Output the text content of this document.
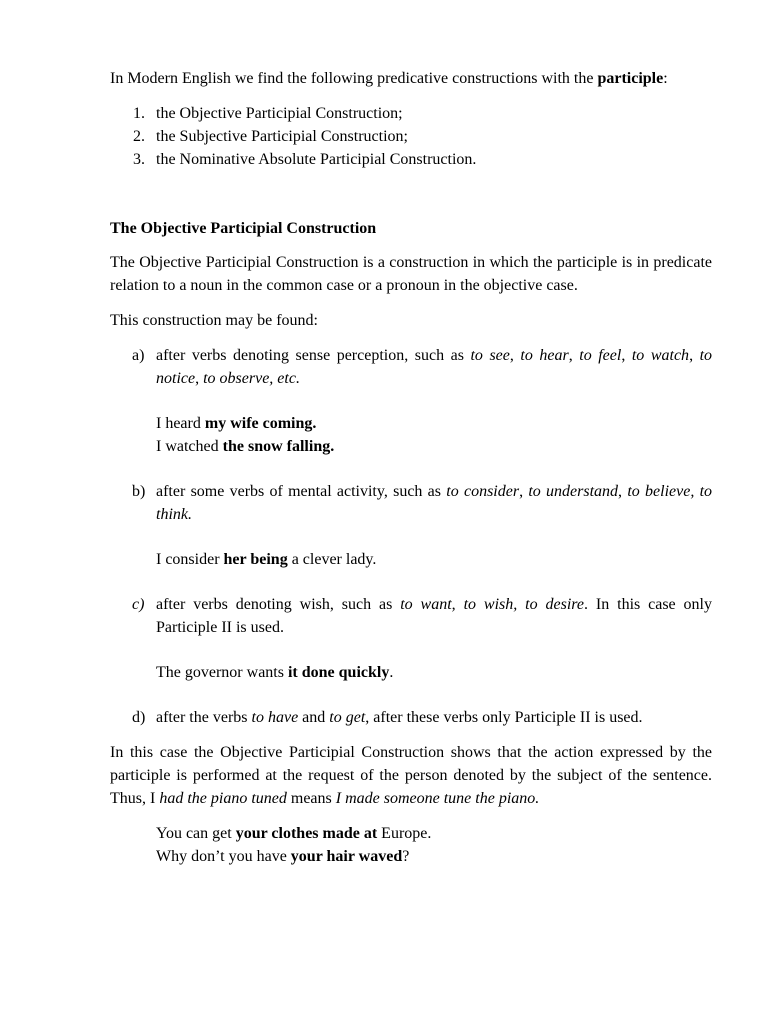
In Modern English we find the following predicative constructions with the participle:

1. the Objective Participial Construction;
2. the Subjective Participial Construction;
3. the Nominative Absolute Participial Construction.

The Objective Participial Construction

The Objective Participial Construction is a construction in which the participle is in predicate relation to a noun in the common case or a pronoun in the objective case.

This construction may be found:

a) after verbs denoting sense perception, such as to see, to hear, to feel, to watch, to notice, to observe, etc.

I heard my wife coming.
I watched the snow falling.
b) after some verbs of mental activity, such as to consider, to understand, to believe, to think.

I consider her being a clever lady.
c) after verbs denoting wish, such as to want, to wish, to desire. In this case only Participle II is used.

The governor wants it done quickly.
d) after the verbs to have and to get, after these verbs only Participle II is used.

In this case the Objective Participial Construction shows that the action expressed by the participle is performed at the request of the person denoted by the subject of the sentence. Thus, I had the piano tuned means I made someone tune the piano.

You can get your clothes made at Europe.
Why don’t you have your hair waved?
